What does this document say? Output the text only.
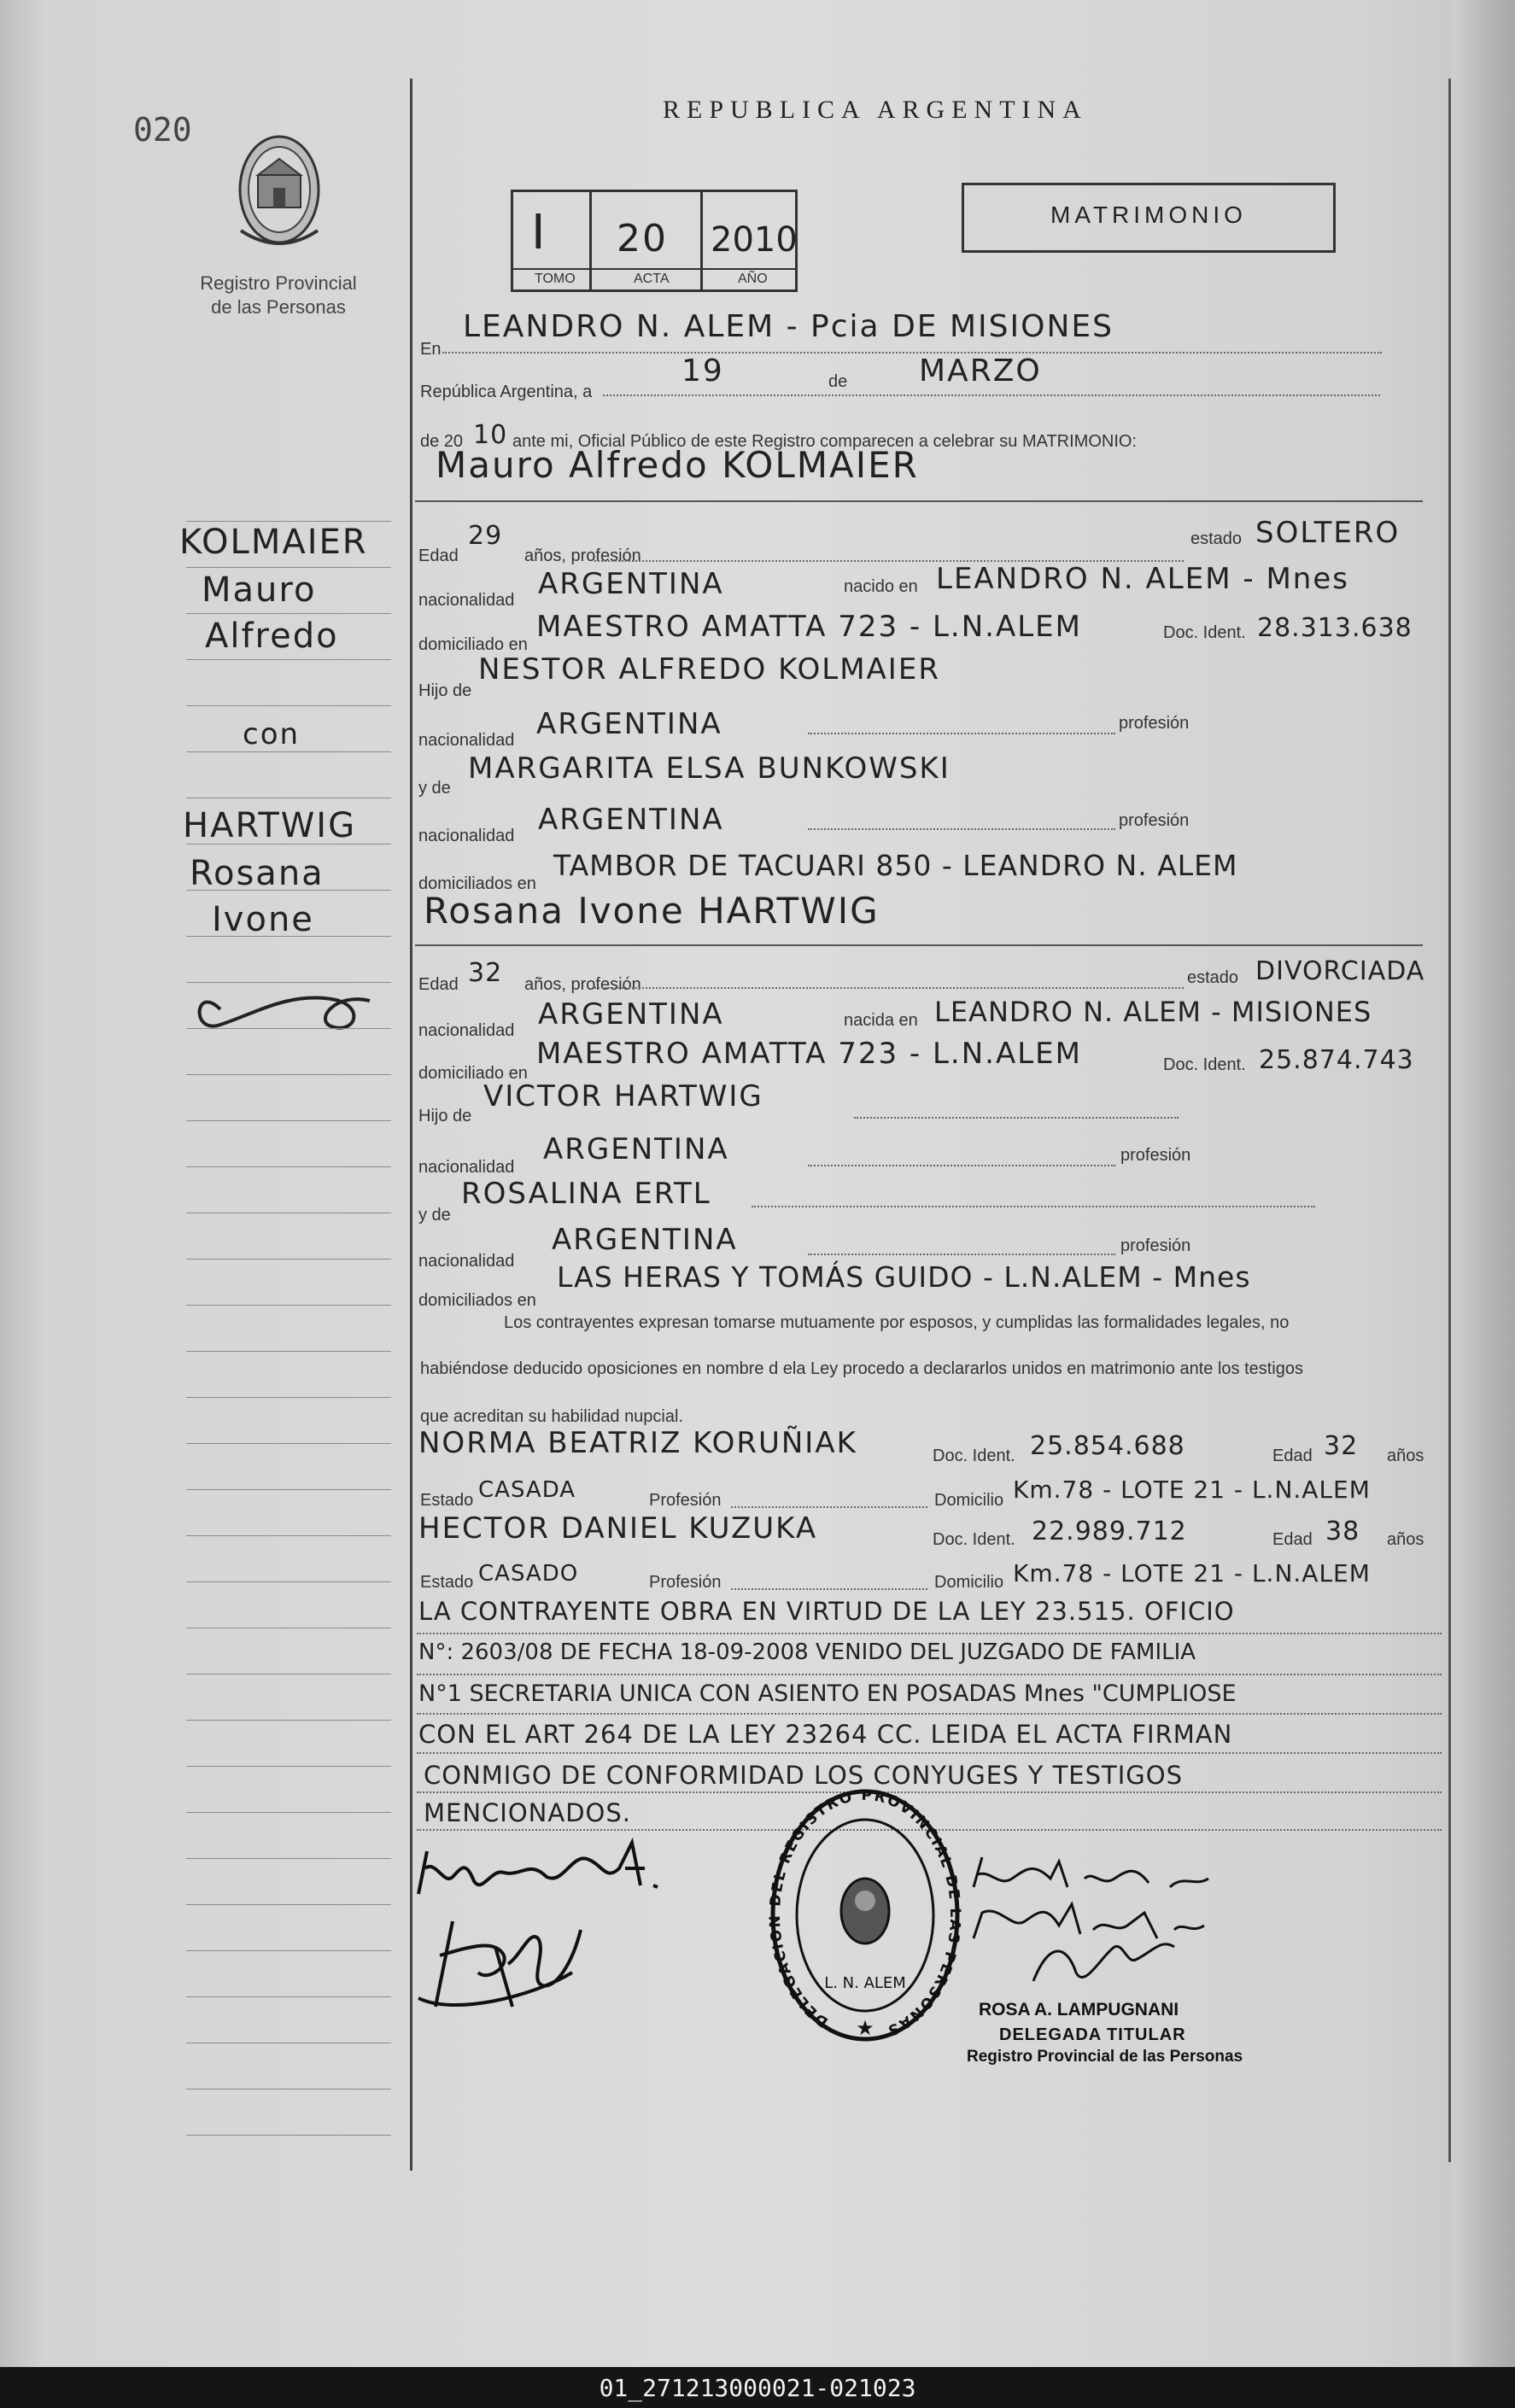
020
Registro Provincial de las Personas
REPUBLICA ARGENTINA
I 20 2010
TOMO	ACTA	AÑO
MATRIMONIO
KOLMAIER
Mauro
Alfredo
con
HARTWIG
Rosana
Ivone
En
LEANDRO N. ALEM - Pcia DE MISIONES
República Argentina, a
19	de MARZO
de 20 10 ante mi, Oficial Público de este Registro comparecen a celebrar su MATRIMONIO:
Mauro Alfredo KOLMAIER
Edad
29
años, profesión
estado SOLTERO
nacionalidad ARGENTINA	nacido en LEANDRO N. ALEM - Mnes
domiciliado en
MAESTRO AMATTA 723 - L.N.ALEM	Doc. Ident. 28.313.638
Hijo de
NESTOR ALFREDO KOLMAIER
nacionalidad ARGENTINA	profesión
y de
MARGARITA ELSA BUNKOWSKI
nacionalidad ARGENTINA	profesión
domiciliados en
TAMBOR DE TACUARI 850 - LEANDRO N. ALEM
Rosana Ivone HARTWIG
Edad 32 años, profesión	estado DIVORCIADA
nacionalidad ARGENTINA	nacida en LEANDRO N. ALEM - MISIONES
domiciliado en
MAESTRO AMATTA 723 - L.N.ALEM	Doc. Ident. 25.874.743
Hijo de
VICTOR HARTWIG
nacionalidad
ARGENTINA	profesión
y de
ROSALINA ERTL
nacionalidad
ARGENTINA	profesión
domiciliados en
LAS HERAS Y TOMÁS GUIDO - L.N.ALEM - Mnes
Los contrayentes expresan tomarse mutuamente por esposos, y cumplidas las formalidades legales, no
habiéndose deducido oposiciones en nombre d ela Ley procedo a declararlos unidos en matrimonio ante los testigos
que acreditan su habilidad nupcial.
NORMA BEATRIZ KORUÑIAK	Doc. Ident. 25.854.688	Edad 32 años
Estado CASADA	Profesión	Domicilio Km.78 - LOTE 21 - L.N.ALEM
HECTOR DANIEL KUZUKA	Doc. Ident. 22.989.712	Edad 38 años
Estado CASADO	Profesión	Domicilio Km.78 - LOTE 21 - L.N.ALEM
LA CONTRAYENTE OBRA EN VIRTUD DE LA LEY 23.515. OFICIO
N°: 2603/08 DE FECHA 18-09-2008 VENIDO DEL JUZGADO DE FAMILIA
N°1 SECRETARIA UNICA CON ASIENTO EN POSADAS Mnes "CUMPLIOSE
CON EL ART 264 DE LA LEY 23264 CC. LEIDA EL ACTA FIRMAN
CONMIGO DE CONFORMIDAD LOS CONYUGES Y TESTIGOS
MENCIONADOS.
DELEGACION DEL REGISTRO PROVINCIAL DE LAS PERSONAS
L. N. ALEM
★
ROSA A. LAMPUGNANI
DELEGADA TITULAR
Registro Provincial de las Personas
01_271213000021-021023
